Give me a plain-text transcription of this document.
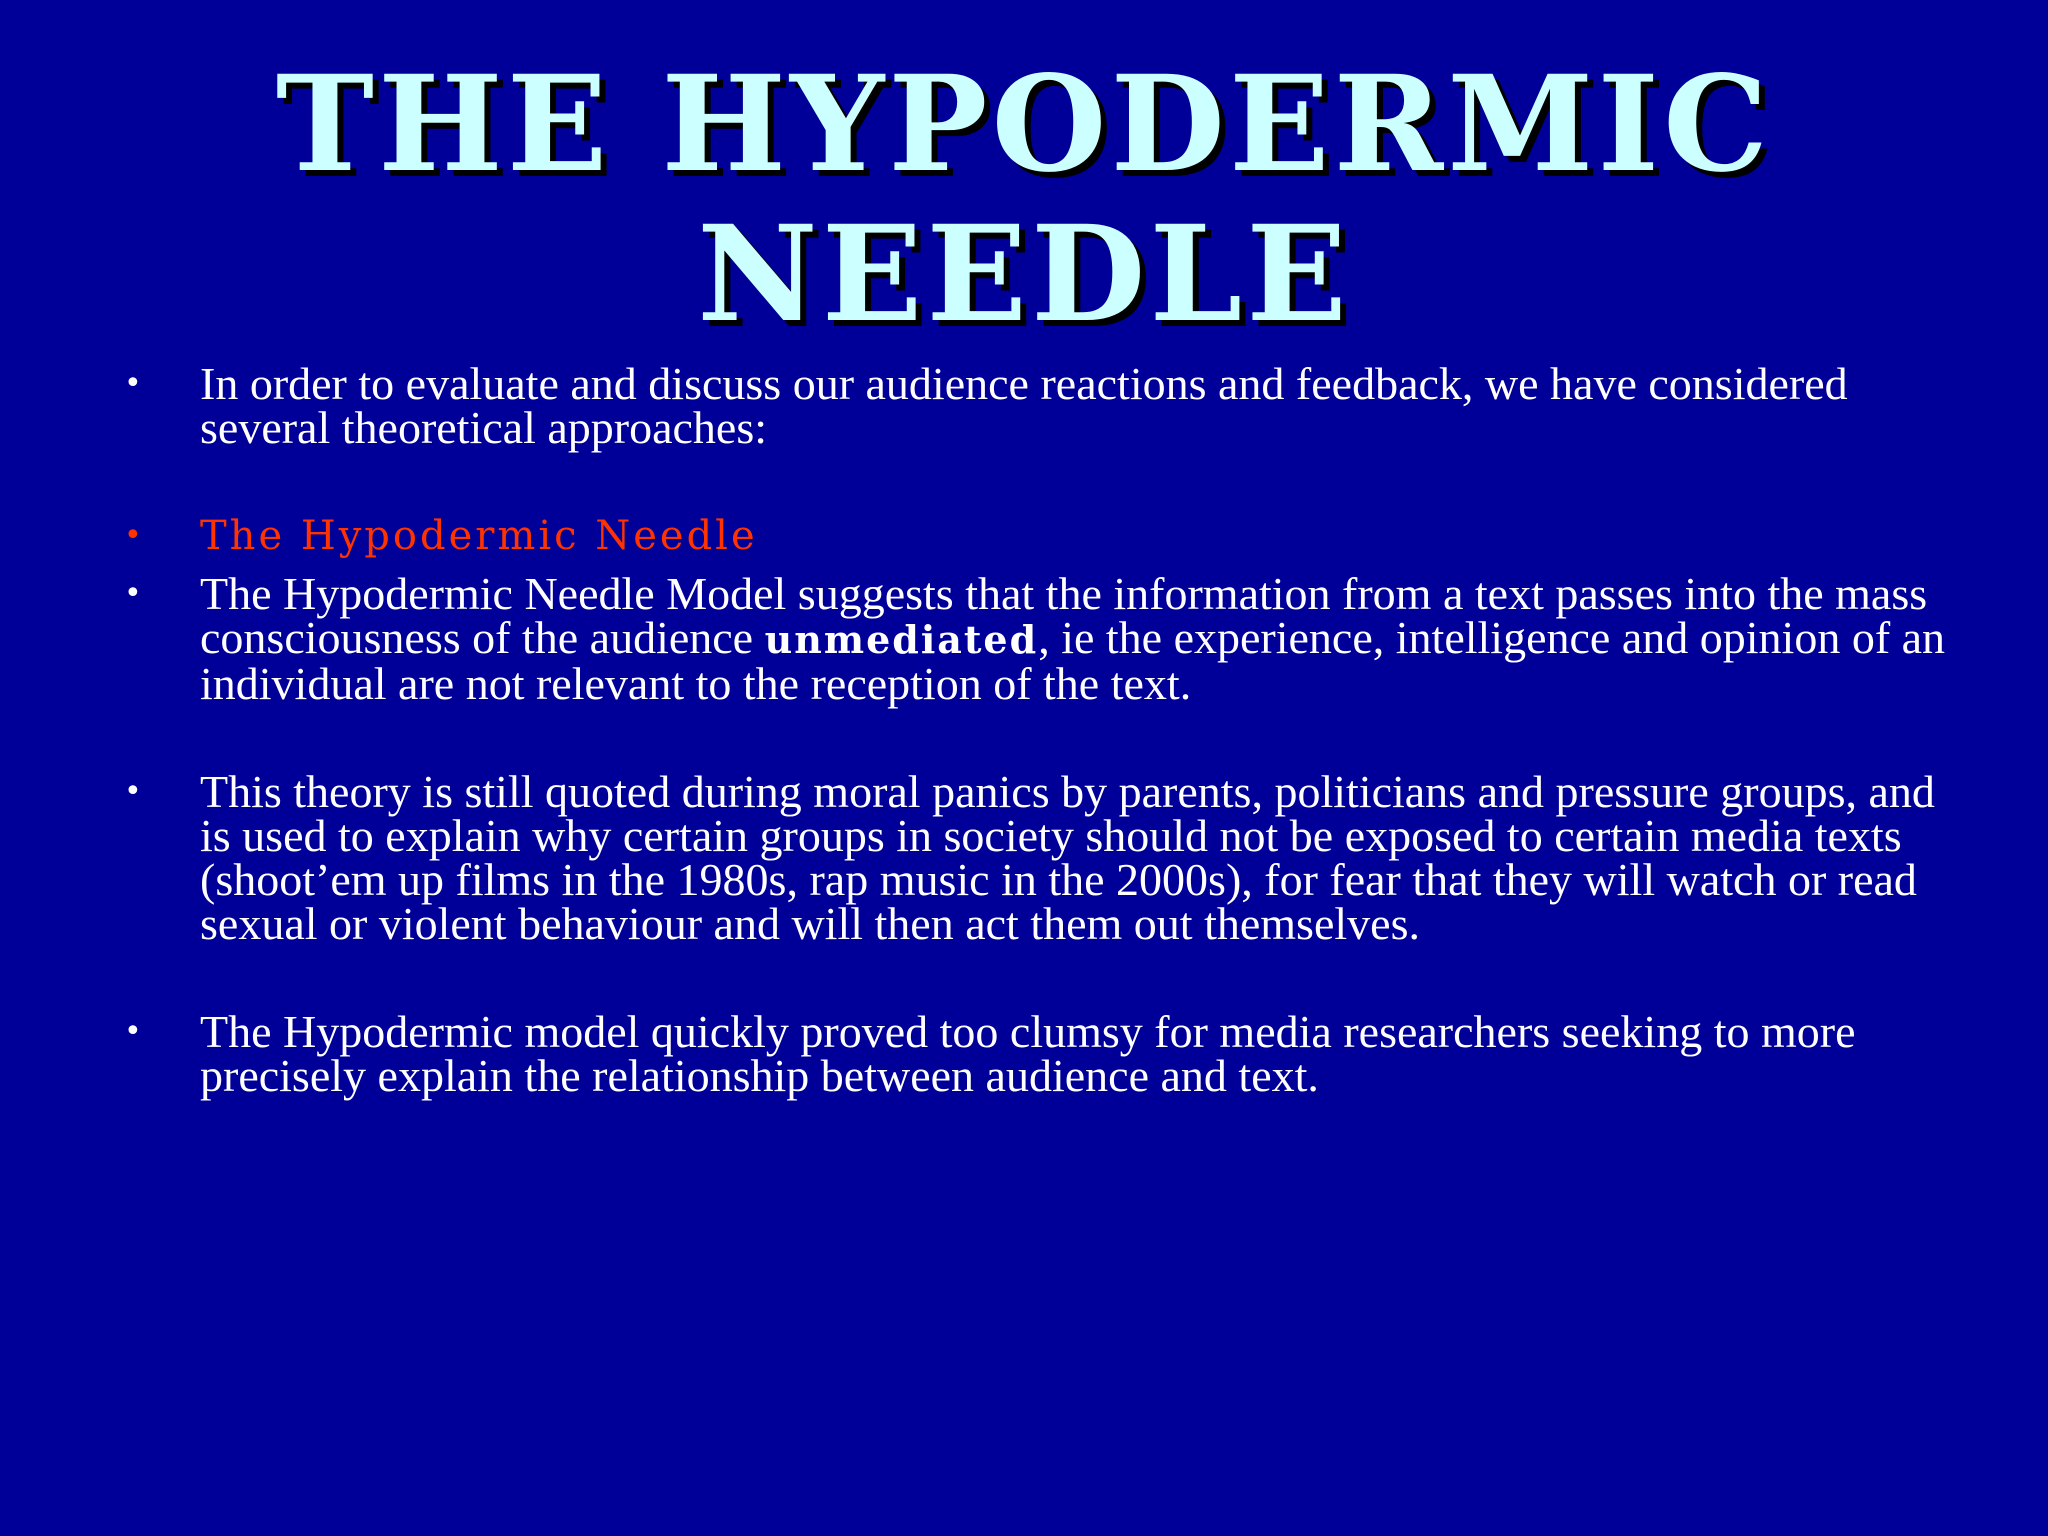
THE HYPODERMIC
NEEDLE
• In order to evaluate and discuss our audience reactions and feedback, we have considered several theoretical approaches:
• The Hypodermic Needle
• The Hypodermic Needle Model suggests that the information from a text passes into the mass consciousness of the audience unmediated, ie the experience, intelligence and opinion of an individual are not relevant to the reception of the text.
• This theory is still quoted during moral panics by parents, politicians and pressure groups, and is used to explain why certain groups in society should not be exposed to certain media texts (shoot’em up films in the 1980s, rap music in the 2000s), for fear that they will watch or read sexual or violent behaviour and will then act them out themselves.
• The Hypodermic model quickly proved too clumsy for media researchers seeking to more precisely explain the relationship between audience and text.
